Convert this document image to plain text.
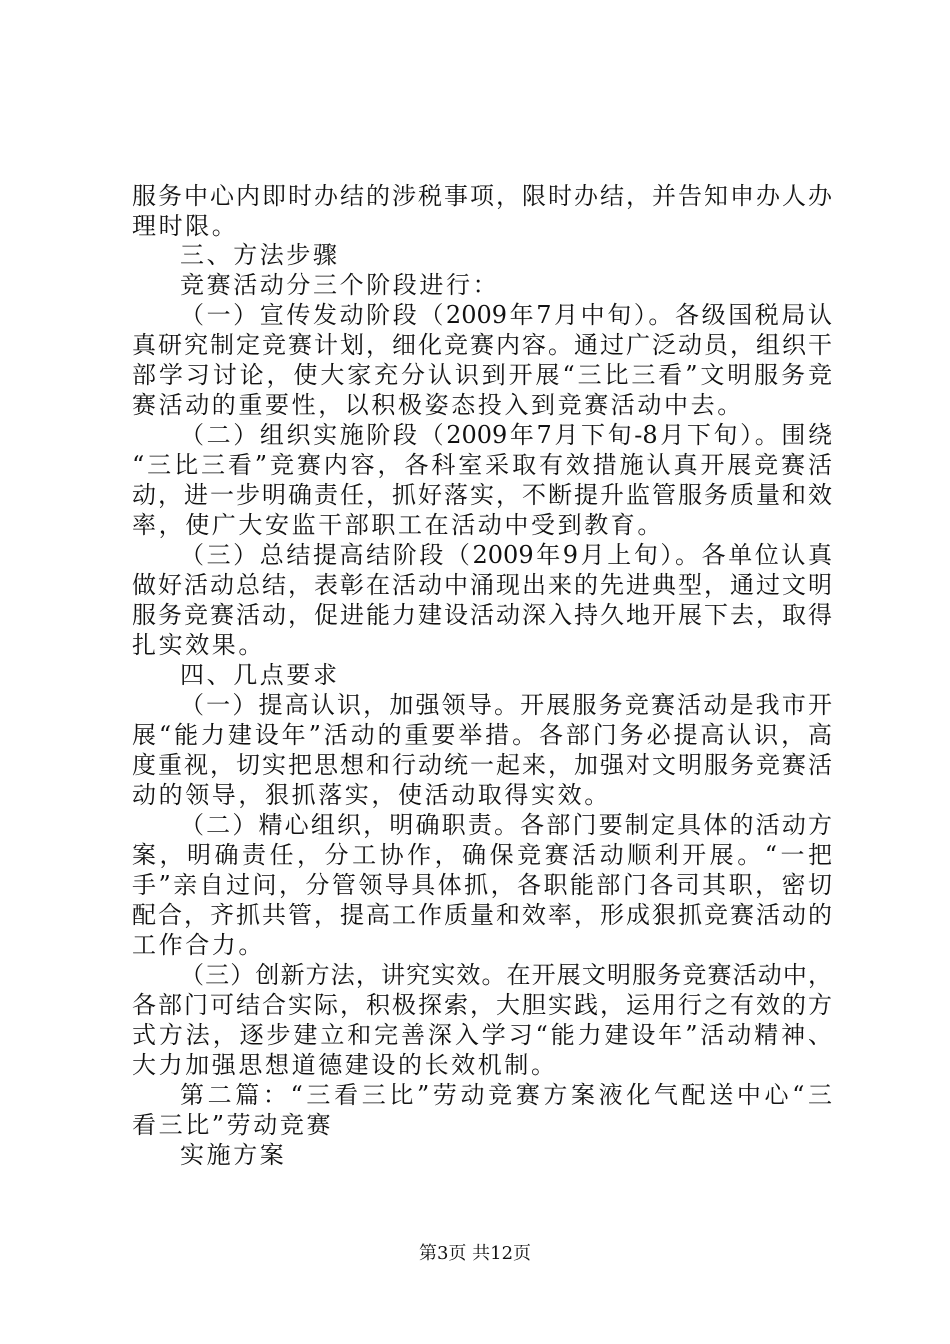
服务中心内即时办结的涉税事项，限时办结，并告知申办人办
理时限。
三、方法步骤
竞赛活动分三个阶段进行：
（一）宣传发动阶段（2009年7月中旬）。各级国税局认
真研究制定竞赛计划，细化竞赛内容。通过广泛动员，组织干
部学习讨论，使大家充分认识到开展“三比三看”文明服务竞
赛活动的重要性，以积极姿态投入到竞赛活动中去。
（二）组织实施阶段（2009年7月下旬-8月下旬）。围绕
“三比三看”竞赛内容，各科室采取有效措施认真开展竞赛活
动，进一步明确责任，抓好落实，不断提升监管服务质量和效
率，使广大安监干部职工在活动中受到教育。
（三）总结提高结阶段（2009年9月上旬）。各单位认真
做好活动总结，表彰在活动中涌现出来的先进典型，通过文明
服务竞赛活动，促进能力建设活动深入持久地开展下去，取得
扎实效果。
四、几点要求
（一）提高认识，加强领导。开展服务竞赛活动是我市开
展“能力建设年”活动的重要举措。各部门务必提高认识，高
度重视，切实把思想和行动统一起来，加强对文明服务竞赛活
动的领导，狠抓落实，使活动取得实效。
（二）精心组织，明确职责。各部门要制定具体的活动方
案，明确责任，分工协作，确保竞赛活动顺利开展。“一把
手”亲自过问，分管领导具体抓，各职能部门各司其职，密切
配合，齐抓共管，提高工作质量和效率，形成狠抓竞赛活动的
工作合力。
（三）创新方法，讲究实效。在开展文明服务竞赛活动中，
各部门可结合实际，积极探索，大胆实践，运用行之有效的方
式方法，逐步建立和完善深入学习“能力建设年”活动精神、
大力加强思想道德建设的长效机制。
第二篇：“三看三比”劳动竞赛方案液化气配送中心“三
看三比”劳动竞赛
实施方案
第3页 共12页
